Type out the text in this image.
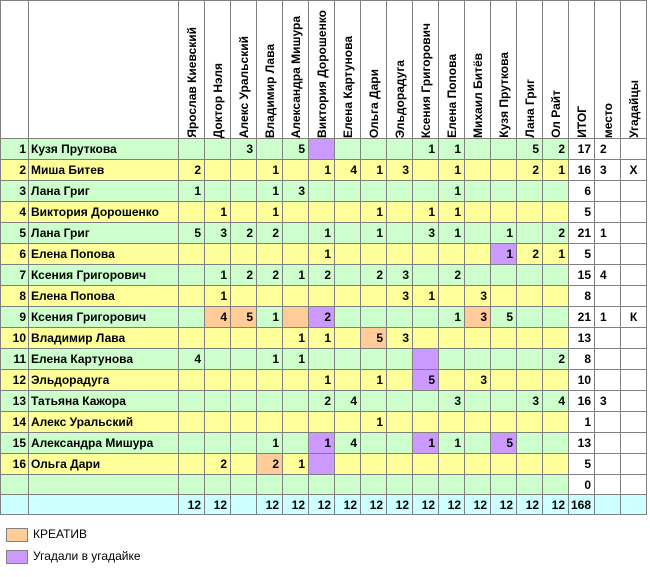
		Ярослав Киевский	Доктор Нэля	Алекс Уральский	Владимир Лава	Александра Мишура	Виктория Дорошенко	Елена Картунова	Ольга Дари	Эльдорадуга	Ксения Григорович	Елена Попова	Михаил Битёв	Кузя Пруткова	Лана Григ	Ол Райт	ИТОГ	место	Угадайцы

1	Кузя Пруткова			3		5					1	1			5	2	17	2	
2	Миша Битев	2			1		1	4	1	3		1			2	1	16	3	Х
3	Лана Григ	1			1	3						1					6		
4	Виктория Дорошенко		1		1				1		1	1					5		
5	Лана Григ	5	3	2	2		1		1		3	1		1		2	21	1	
6	Елена Попова						1							1	2	1	5		
7	Ксения Григорович		1	2	2	1	2		2	3		2					15	4	
8	Елена Попова		1							3	1		3				8		
9	Ксения Григорович		4	5	1		2					1	3	5			21	1	К
10	Владимир Лава					1	1		5	3							13		
11	Елена Картунова	4			1	1										2	8		
12	Эльдорадуга						1		1		5		3				10		
13	Татьяна Кажора						2	4				3			3	4	16	3	
14	Алекс Уральский								1								1		
15	Александра Мишура				1		1	4			1	1		5			13		
16	Ольга Дари		2		2	1											5		
																	0		
		12	12		12	12	12	12	12	12	12	12	12	12	12	12	168		
КРЕАТИВ
Угадали в угадайке
